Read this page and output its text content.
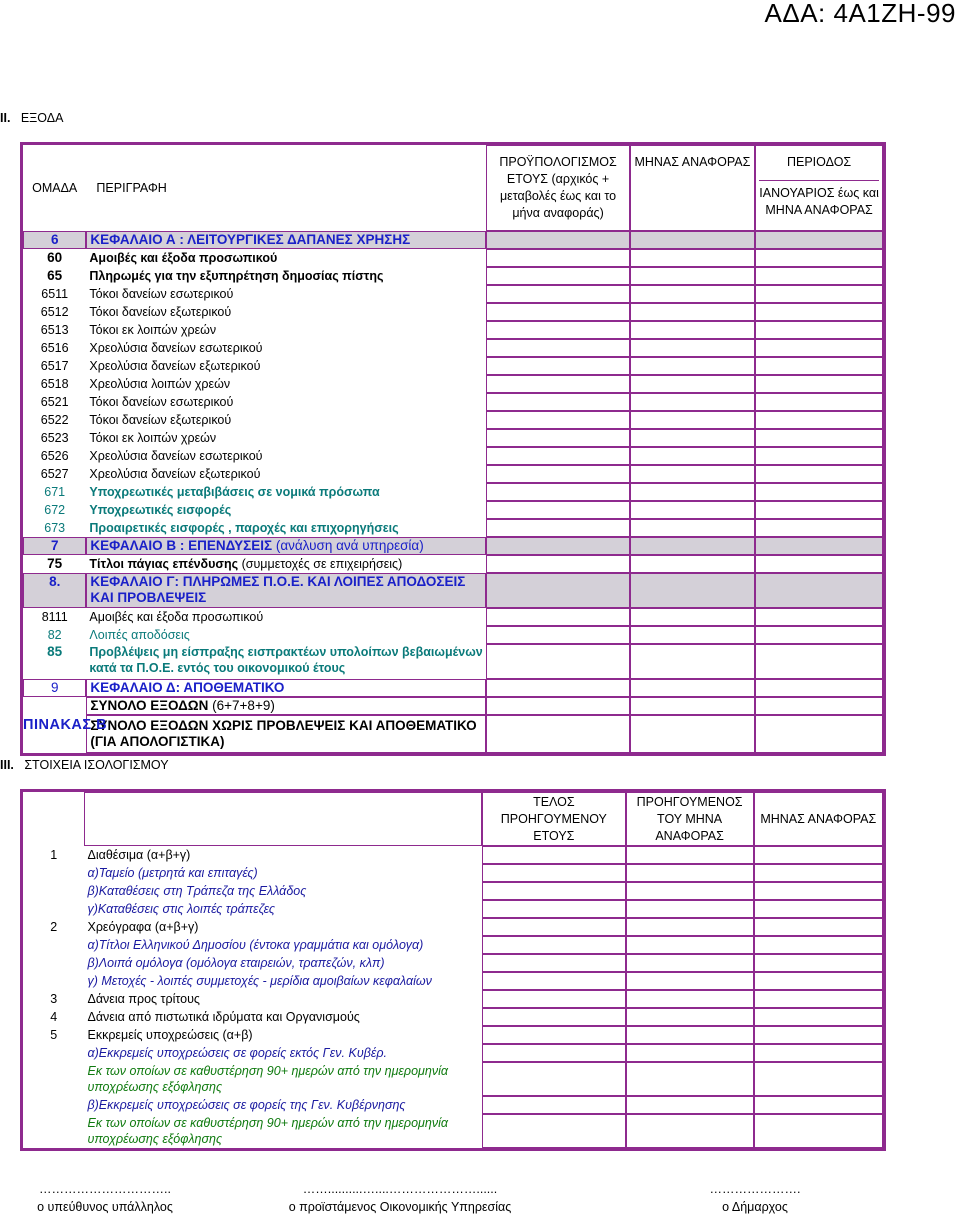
ΑΔΑ: 4Α1ΖΗ-99
II. ΕΞΟΔΑ
ΟΜΑΔΑ	ΠΕΡΙΓΡΑΦΗ	ΠΡΟΫΠΟΛΟΓΙΣΜΟΣ ΕΤΟΥΣ (αρχικός + μεταβολές έως και το μήνα αναφοράς)	ΜΗΝΑΣ ΑΝΑΦΟΡΑΣ	ΠΕΡΙΟΔΟΣ
ΙΑΝΟΥΑΡΙΟΣ έως και ΜΗΝΑ ΑΝΑΦΟΡΑΣ

6	ΚΕΦΑΛΑΙΟ Α : ΛΕΙΤΟΥΡΓΙΚΕΣ ΔΑΠΑΝΕΣ ΧΡΗΣΗΣ			
60	Αμοιβές και έξοδα προσωπικού			
65	Πληρωμές για την εξυπηρέτηση δημοσίας πίστης			
6511	Τόκοι δανείων εσωτερικού			
6512	Τόκοι δανείων εξωτερικού			
6513	Τόκοι εκ λοιπών χρεών			
6516	Χρεολύσια δανείων εσωτερικού			
6517	Χρεολύσια δανείων εξωτερικού			
6518	Χρεολύσια λοιπών χρεών			
6521	Τόκοι δανείων εσωτερικού			
6522	Τόκοι δανείων εξωτερικού			
6523	Τόκοι εκ λοιπών χρεών			
6526	Χρεολύσια δανείων εσωτερικού			
6527	Χρεολύσια δανείων εξωτερικού			
671	Υποχρεωτικές μεταβιβάσεις σε νομικά πρόσωπα			
672	Υποχρεωτικές εισφορές			
673	Προαιρετικές εισφορές , παροχές και επιχορηγήσεις			
7	ΚΕΦΑΛΑΙΟ Β : ΕΠΕΝΔΥΣΕΙΣ (ανάλυση ανά υπηρεσία)			
75	Τίτλοι πάγιας επένδυσης (συμμετοχές σε επιχειρήσεις)			
8.	ΚΕΦΑΛΑΙΟ Γ: ΠΛΗΡΩΜΕΣ Π.Ο.Ε. ΚΑΙ ΛΟΙΠΕΣ ΑΠΟΔΟΣΕΙΣ ΚΑΙ ΠΡΟΒΛΕΨΕΙΣ			
8111	Αμοιβές και έξοδα προσωπικού			
82	Λοιπές αποδόσεις			
85	Προβλέψεις μη είσπραξης εισπρακτέων υπολοίπων βεβαιωμένων κατά τα Π.Ο.Ε. εντός του οικονομικού έτους			
9	ΚΕΦΑΛΑΙΟ Δ: ΑΠΟΘΕΜΑΤΙΚΟ			
	ΣΥΝΟΛΟ ΕΞΟΔΩΝ (6+7+8+9)			
	ΣΥΝΟΛΟ ΕΞΟΔΩΝ ΧΩΡΙΣ ΠΡΟΒΛΕΨΕΙΣ ΚΑΙ ΑΠΟΘΕΜΑΤΙΚΟ (ΓΙΑ ΑΠΟΛΟΓΙΣΤΙΚΑ)			
ΠΙΝΑΚΑΣ Β
III. ΣΤΟΙΧΕΙΑ ΙΣΟΛΟΓΙΣΜΟΥ
		ΤΕΛΟΣ ΠΡΟΗΓΟΥΜΕΝΟΥ ΕΤΟΥΣ	ΠΡΟΗΓΟΥΜΕΝΟΣ ΤΟΥ ΜΗΝΑ ΑΝΑΦΟΡΑΣ	ΜΗΝΑΣ ΑΝΑΦΟΡΑΣ
1	Διαθέσιμα (α+β+γ)			
	α)Ταμείο (μετρητά και επιταγές)			
	β)Καταθέσεις στη Τράπεζα της Ελλάδος			
	γ)Καταθέσεις στις λοιπές τράπεζες			
2	Χρεόγραφα (α+β+γ)			
	α)Τίτλοι Ελληνικού Δημοσίου (έντοκα γραμμάτια και ομόλογα)			
	β)Λοιπά ομόλογα (ομόλογα εταιρειών, τραπεζών, κλπ)			
	γ) Μετοχές - λοιπές συμμετοχές - μερίδια αμοιβαίων κεφαλαίων			
3	Δάνεια προς τρίτους			
4	Δάνεια από πιστωτικά ιδρύματα και Οργανισμούς			
5	Εκκρεμείς υποχρεώσεις (α+β)			
	α)Εκκρεμείς υποχρεώσεις σε φορείς εκτός Γεν. Κυβέρ.			
	Εκ των οποίων σε καθυστέρηση 90+ ημερών από την ημερομηνία υποχρέωσης εξόφλησης			
	β)Εκκρεμείς υποχρεώσεις σε φορείς της Γεν. Κυβέρνησης			
	Εκ των οποίων σε καθυστέρηση 90+ ημερών από την ημερομηνία υποχρέωσης εξόφλησης			
…………………………..
ο υπεύθυνος υπάλληλος
……..........…....…………………......
ο προϊστάμενος Οικονομικής Υπηρεσίας
………………….
ο Δήμαρχος
